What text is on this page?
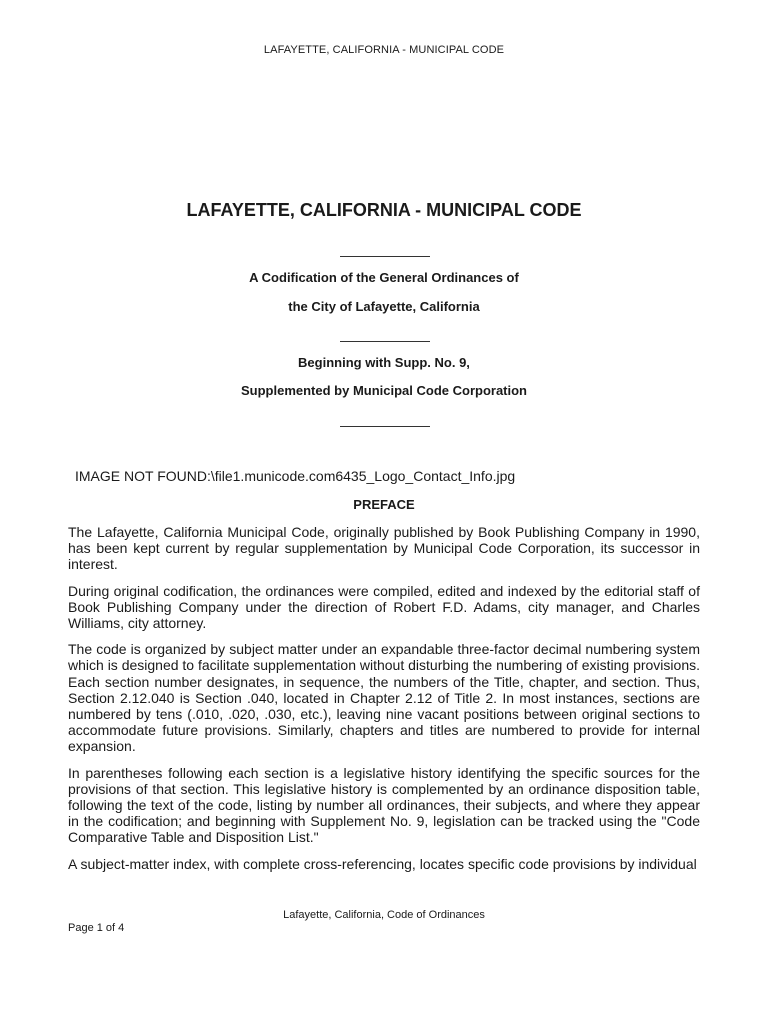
LAFAYETTE, CALIFORNIA - MUNICIPAL CODE
LAFAYETTE, CALIFORNIA - MUNICIPAL CODE
A Codification of the General Ordinances of
the City of Lafayette, California
Beginning with Supp. No. 9,
Supplemented by Municipal Code Corporation
IMAGE NOT FOUND:\file1.municode.com6435_Logo_Contact_Info.jpg
PREFACE

The Lafayette, California Municipal Code, originally published by Book Publishing Company in 1990, has been kept current by regular supplementation by Municipal Code Corporation, its successor in interest.

During original codification, the ordinances were compiled, edited and indexed by the editorial staff of Book Publishing Company under the direction of Robert F.D. Adams, city manager, and Charles Williams, city attorney.

The code is organized by subject matter under an expandable three-factor decimal numbering system which is designed to facilitate supplementation without disturbing the numbering of existing provisions. Each section number designates, in sequence, the numbers of the Title, chapter, and section. Thus, Section 2.12.040 is Section .040, located in Chapter 2.12 of Title 2. In most instances, sections are numbered by tens (.010, .020, .030, etc.), leaving nine vacant positions between original sections to accommodate future provisions. Similarly, chapters and titles are numbered to provide for internal expansion.

In parentheses following each section is a legislative history identifying the specific sources for the provisions of that section. This legislative history is complemented by an ordinance disposition table, following the text of the code, listing by number all ordinances, their subjects, and where they appear in the codification; and beginning with Supplement No. 9, legislation can be tracked using the "Code Comparative Table and Disposition List."

A subject-matter index, with complete cross-referencing, locates specific code provisions by individual

Lafayette, California, Code of Ordinances
Page 1 of 4
